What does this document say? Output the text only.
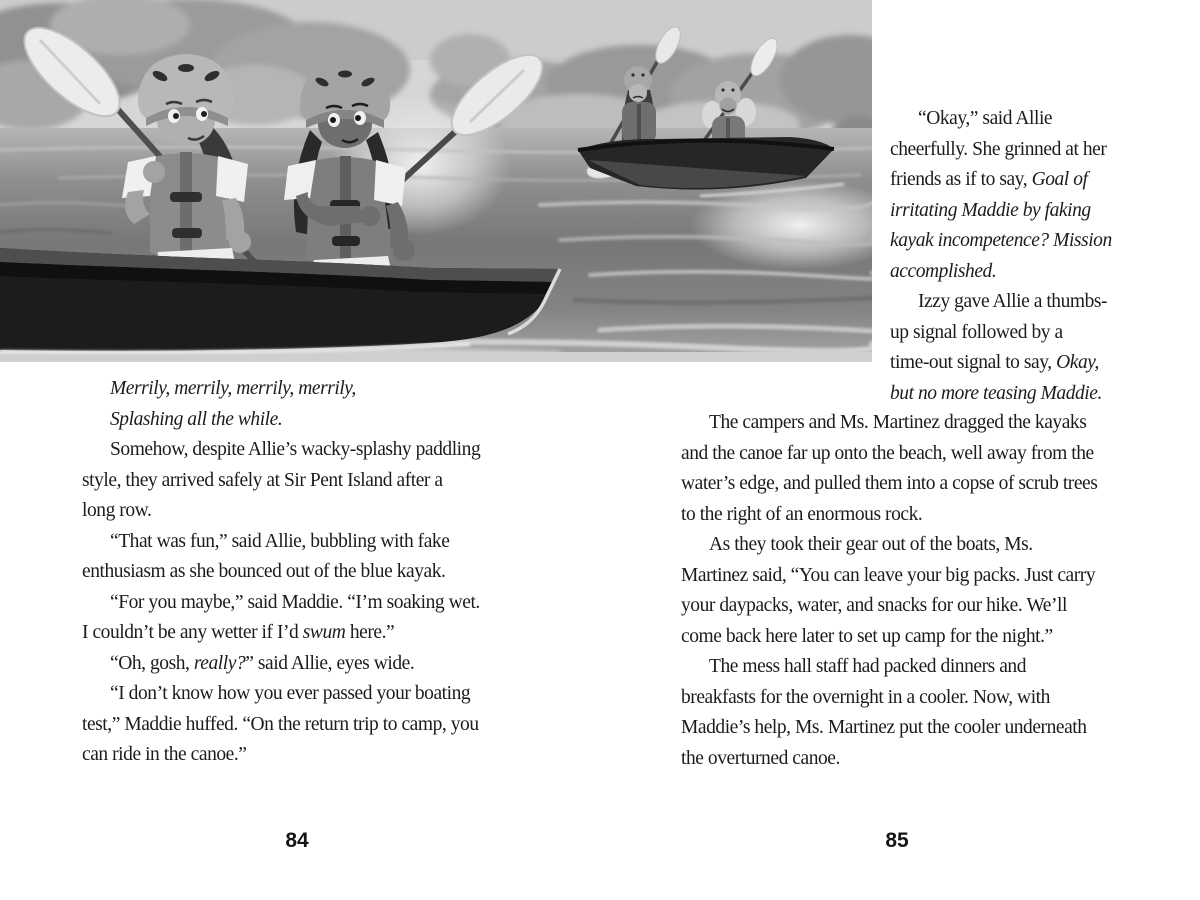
Merrily, merrily, merrily, merrily,
Splashing all the while.
Somehow, despite Allie’s wacky-splashy paddling
style, they arrived safely at Sir Pent Island after a
long row.
“That was fun,” said Allie, bubbling with fake
enthusiasm as she bounced out of the blue kayak.
“For you maybe,” said Maddie. “I’m soaking wet.
I couldn’t be any wetter if I’d swum here.”
“Oh, gosh, really?” said Allie, eyes wide.
“I don’t know how you ever passed your boating
test,” Maddie huffed. “On the return trip to camp, you
can ride in the canoe.”
“Okay,” said Allie
cheerfully. She grinned at her
friends as if to say, Goal of
irritating Maddie by faking
kayak incompetence? Mission
accomplished.
Izzy gave Allie a thumbs-
up signal followed by a
time-out signal to say, Okay,
but no more teasing Maddie.
The campers and Ms. Martinez dragged the kayaks
and the canoe far up onto the beach, well away from the
water’s edge, and pulled them into a copse of scrub trees
to the right of an enormous rock.
As they took their gear out of the boats, Ms.
Martinez said, “You can leave your big packs. Just carry
your daypacks, water, and snacks for our hike. We’ll
come back here later to set up camp for the night.”
The mess hall staff had packed dinners and
breakfasts for the overnight in a cooler. Now, with
Maddie’s help, Ms. Martinez put the cooler underneath
the overturned canoe.
84	85
